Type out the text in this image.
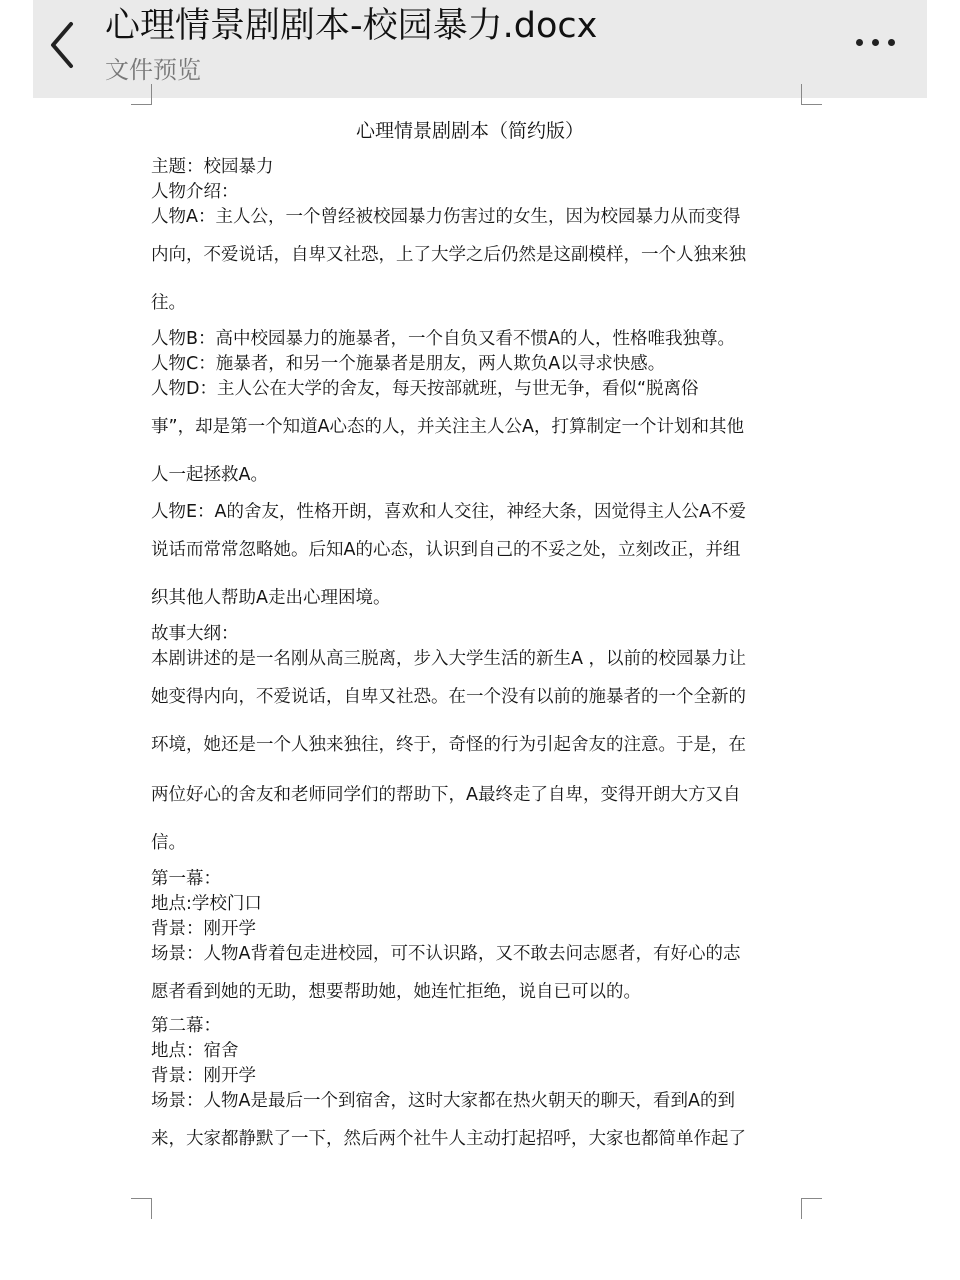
心理情景剧剧本-校园暴力.docx
文件预览
心理情景剧剧本（简约版）
主题：校园暴力
人物介绍：
人物A：主人公，一个曾经被校园暴力伤害过的女生，因为校园暴力从而变得
内向，不爱说话，自卑又社恐，上了大学之后仍然是这副模样，一个人独来独
往。
人物B：高中校园暴力的施暴者，一个自负又看不惯A的人，性格唯我独尊。
人物C：施暴者，和另一个施暴者是朋友，两人欺负A以寻求快感。
人物D：主人公在大学的舍友，每天按部就班，与世无争，看似“脱离俗
事”，却是第一个知道A心态的人，并关注主人公A，打算制定一个计划和其他
人一起拯救A。
人物E：A的舍友，性格开朗，喜欢和人交往，神经大条，因觉得主人公A不爱
说话而常常忽略她。后知A的心态，认识到自己的不妥之处，立刻改正，并组
织其他人帮助A走出心理困境。
故事大纲：
本剧讲述的是一名刚从高三脱离，步入大学生活的新生A ，以前的校园暴力让
她变得内向，不爱说话，自卑又社恐。在一个没有以前的施暴者的一个全新的
环境，她还是一个人独来独往，终于，奇怪的行为引起舍友的注意。于是，在
两位好心的舍友和老师同学们的帮助下，A最终走了自卑，变得开朗大方又自
信。
第一幕：
地点:学校门口
背景：刚开学
场景：人物A背着包走进校园，可不认识路，又不敢去问志愿者，有好心的志
愿者看到她的无助，想要帮助她，她连忙拒绝，说自已可以的。
第二幕：
地点：宿舍
背景：刚开学
场景：人物A是最后一个到宿舍，这时大家都在热火朝天的聊天，看到A的到
来，大家都静默了一下，然后两个社牛人主动打起招呼，大家也都简单作起了
